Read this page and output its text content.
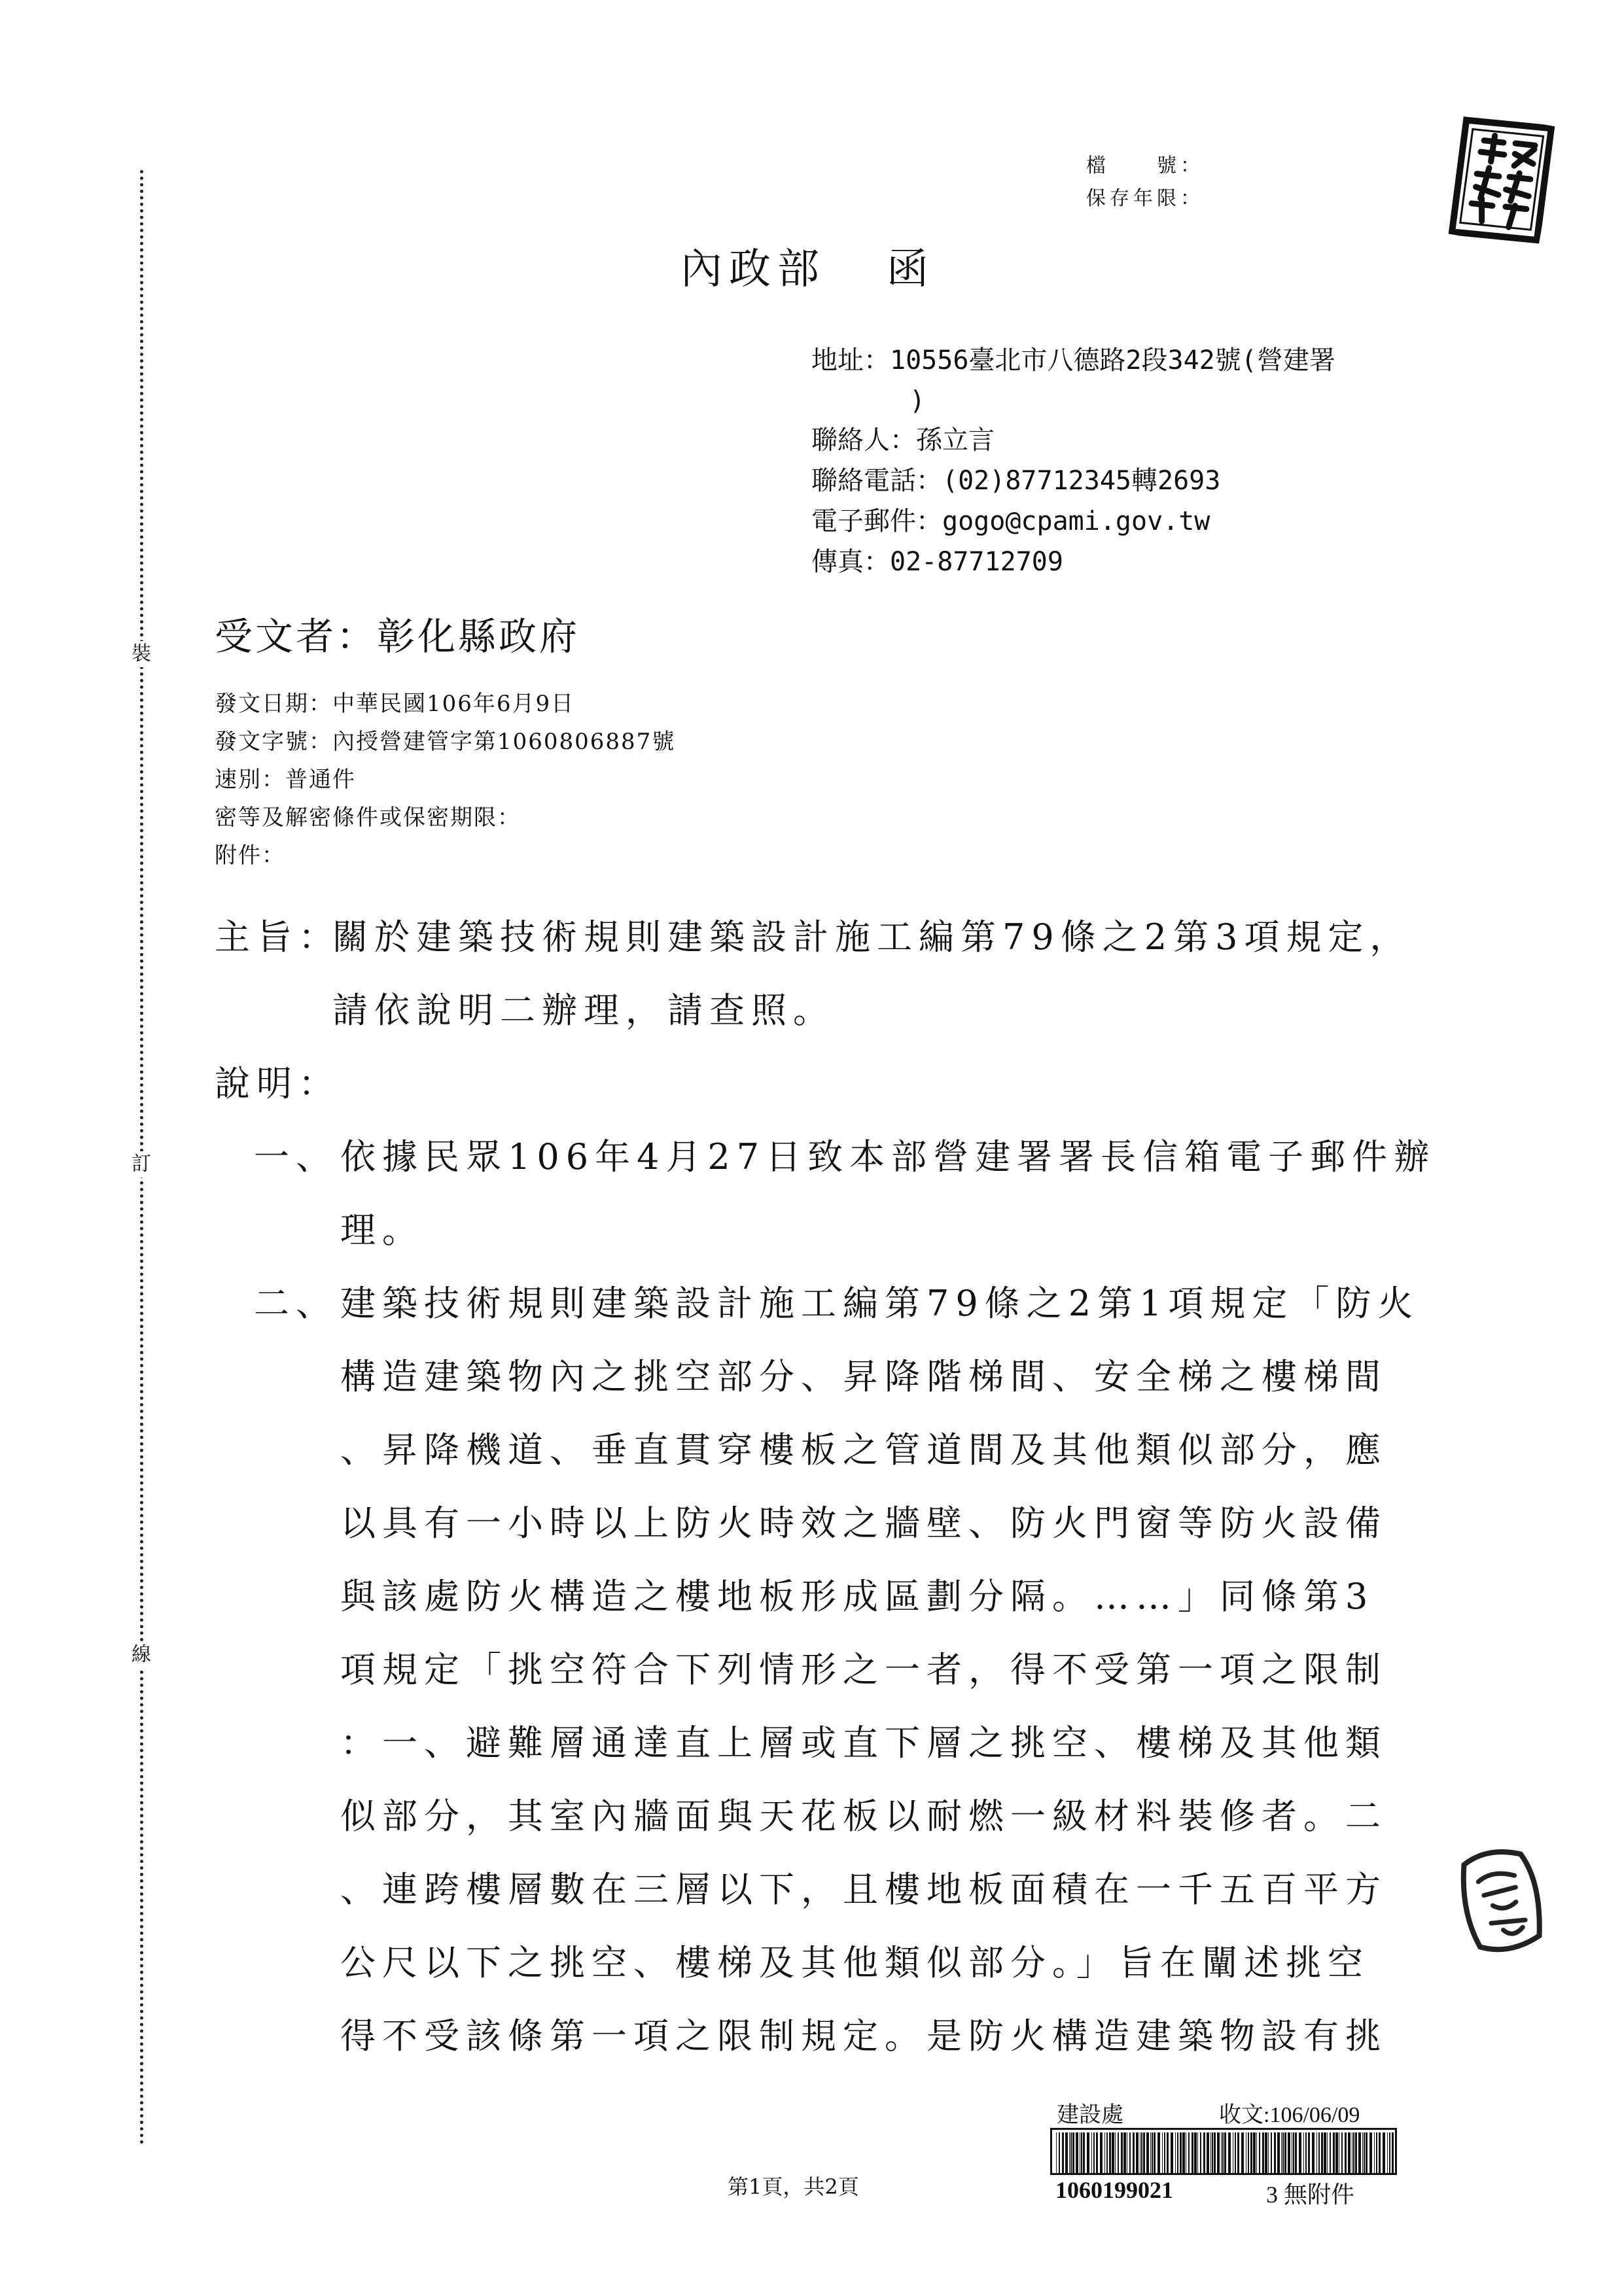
裝
訂
線
檔　　號：
保存年限：
內政部 函
地址：10556臺北市八德路2段342號(營建署
)
聯絡人：孫立言
聯絡電話：(02)87712345轉2693
電子郵件：gogo@cpami.gov.tw
傳真：02-87712709
受文者：彰化縣政府
發文日期：中華民國106年6月9日
發文字號：內授營建管字第1060806887號
速別：普通件
密等及解密條件或保密期限：
附件：
主旨：
關於建築技術規則建築設計施工編第79條之2第3項規定，
請依說明二辦理，請查照。
說明：
一、 依據民眾106年4月27日致本部營建署署長信箱電子郵件辦
理。
二、 建築技術規則建築設計施工編第79條之2第1項規定「防火
構造建築物內之挑空部分、昇降階梯間、安全梯之樓梯間
、昇降機道、垂直貫穿樓板之管道間及其他類似部分，應
以具有一小時以上防火時效之牆壁、防火門窗等防火設備
與該處防火構造之樓地板形成區劃分隔。……」同條第3
項規定「挑空符合下列情形之一者，得不受第一項之限制
：一、避難層通達直上層或直下層之挑空、樓梯及其他類
似部分，其室內牆面與天花板以耐燃一級材料裝修者。二
、連跨樓層數在三層以下，且樓地板面積在一千五百平方
公尺以下之挑空、樓梯及其他類似部分。」旨在闡述挑空
得不受該條第一項之限制規定。是防火構造建築物設有挑
第1頁，共2頁
建設處	收文:106/06/09
1060199021	3 無附件
